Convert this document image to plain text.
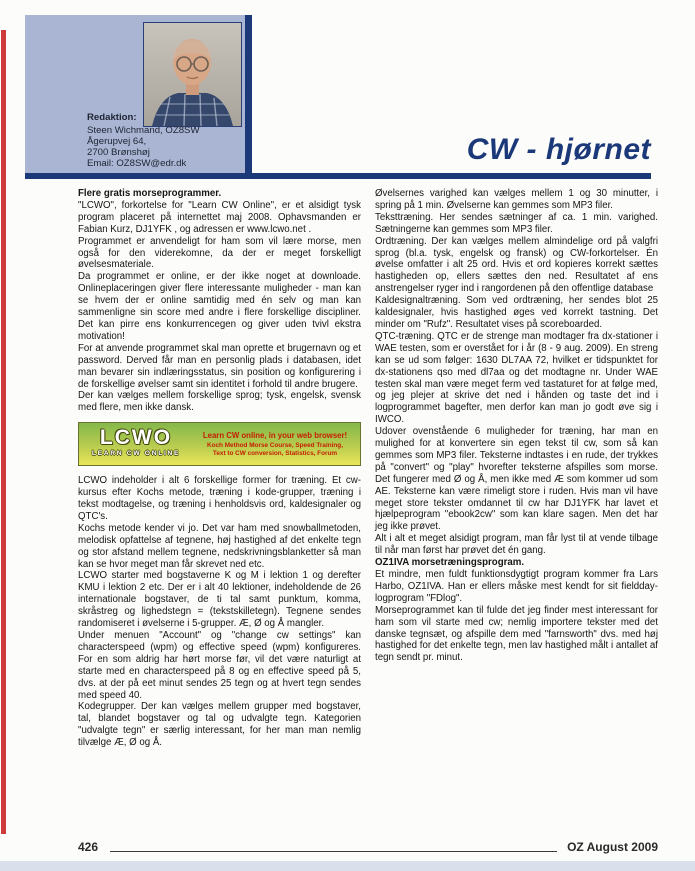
Redaktion:
Steen Wichmand, OZ8SW
Ågerupvej 64,
2700 Brønshøj
Email: OZ8SW@edr.dk	CW - hjørnet

Flere gratis morseprogrammer.

"LCWO", forkortelse for "Learn CW Online", er et alsidigt tysk program placeret på internettet maj 2008. Ophavsmanden er Fabian Kurz, DJ1YFK , og adressen er www.lcwo.net .

Programmet er anvendeligt for ham som vil lære morse, men også for den viderekomne, da der er meget forskelligt øvelsesmateriale.

Da programmet er online, er der ikke noget at downloade. Onlineplaceringen giver flere interessante muligheder - man kan se hvem der er online samtidig med én selv og man kan sammenligne sin score med andre i flere forskellige discipliner. Det kan pirre ens konkurrencegen og giver uden tvivl ekstra motivation!

For at anvende programmet skal man oprette et brugernavn og et password. Derved får man en personlig plads i databasen, idet man bevarer sin indlæringsstatus, sin position og konfigurering i de forskellige øvelser samt sin identitet i forhold til andre brugere.

Der kan vælges mellem forskellige sprog; tysk, engelsk, svensk med flere, men ikke dansk.

LCWO
LEARN CW ONLINE
Learn CW online, in your web browser!
Koch Method Morse Course, Speed Training,
Text to CW conversion, Statistics, Forum

LCWO indeholder i alt 6 forskellige former for træning. Et cw-kursus efter Kochs metode, træning i kode-grupper, træning i tekst modtagelse, og træning i henholdsvis ord, kaldesignaler og QTC's.

Kochs metode kender vi jo. Det var ham med snowballmetoden, melodisk opfattelse af tegnene, høj hastighed af det enkelte tegn og stor afstand mellem tegnene, nedskrivningsblanketter så man kan se hvor meget man får skrevet ned etc.

LCWO starter med bogstaverne K og M i lektion 1 og derefter KMU i lektion 2 etc. Der er i alt 40 lektioner, indeholdende de 26 internationale bogstaver, de ti tal samt punktum, komma, skråstreg og lighedstegn = (tekstskilletegn). Tegnene sendes randomiseret i øvelserne i 5-grupper. Æ, Ø og Å mangler.

Under menuen "Account" og "change cw settings" kan characterspeed (wpm) og effective speed (wpm) konfigureres. For en som aldrig har hørt morse før, vil det være naturligt at starte med en characterspeed på 8 og en effective speed på 5, dvs. at der på eet minut sendes 25 tegn og at hvert tegn sendes med speed 40.

Kodegrupper. Der kan vælges mellem grupper med bogstaver, tal, blandet bogstaver og tal og udvalgte tegn. Kategorien "udvalgte tegn" er særlig interessant, for her man man nemlig tilvælge Æ, Ø og Å.

Øvelsernes varighed kan vælges mellem 1 og 30 minutter, i spring på 1 min. Øvelserne kan gemmes som MP3 filer.

Teksttræning. Her sendes sætninger af ca. 1 min. varighed. Sætningerne kan gemmes som MP3 filer.

Ordtræning. Der kan vælges mellem almindelige ord på valgfri sprog (bl.a. tysk, engelsk og fransk) og CW-forkortelser. Én øvelse omfatter i alt 25 ord. Hvis et ord kopieres korrekt sættes hastigheden op, ellers sættes den ned. Resultatet af ens anstrengelser ryger ind i rangordenen på den offentlige database

Kaldesignaltræning. Som ved ordtræning, her sendes blot 25 kaldesignaler, hvis hastighed øges ved korrekt tastning. Det minder om "Rufz". Resultatet vises på scoreboarded.

QTC-træning. QTC er de strenge man modtager fra dx-stationer i WAE testen, som er overstået for i år (8 - 9 aug. 2009). En streng kan se ud som følger: 1630 DL7AA 72, hvilket er tidspunktet for dx-stationens qso med dl7aa og det modtagne nr. Under WAE testen skal man være meget ferm ved tastaturet for at følge med, og jeg plejer at skrive det ned i hånden og taste det ind i logprogrammet bagefter, men derfor kan man jo godt øve sig i IWCO.

Udover ovenstående 6 muligheder for træning, har man en mulighed for at konvertere sin egen tekst til cw, som så kan gemmes som MP3 filer. Teksterne indtastes i en rude, der trykkes på "convert" og "play" hvorefter teksterne afspilles som morse. Det fungerer med Ø og Å, men ikke med Æ som kommer ud som AE. Teksterne kan være rimeligt store i ruden. Hvis man vil have meget store tekster omdannet til cw har DJ1YFK har lavet et hjælpeprogram "ebook2cw" som kan klare sagen. Men det har jeg ikke prøvet.

Alt i alt et meget alsidigt program, man får lyst til at vende tilbage til når man først har prøvet det én gang.

OZ1IVA morsetræningsprogram.

Et mindre, men fuldt funktionsdygtigt program kommer fra Lars Harbo, OZ1IVA. Han er ellers måske mest kendt for sit fieldday-logprogram "FDlog".

Morseprogrammet kan til fulde det jeg finder mest interessant for ham som vil starte med cw; nemlig importere tekster med det danske tegnsæt, og afspille dem med "farnsworth" dvs. med høj hastighed for det enkelte tegn, men lav hastighed målt i antallet af tegn sendt pr. minut.

426	OZ August 2009
